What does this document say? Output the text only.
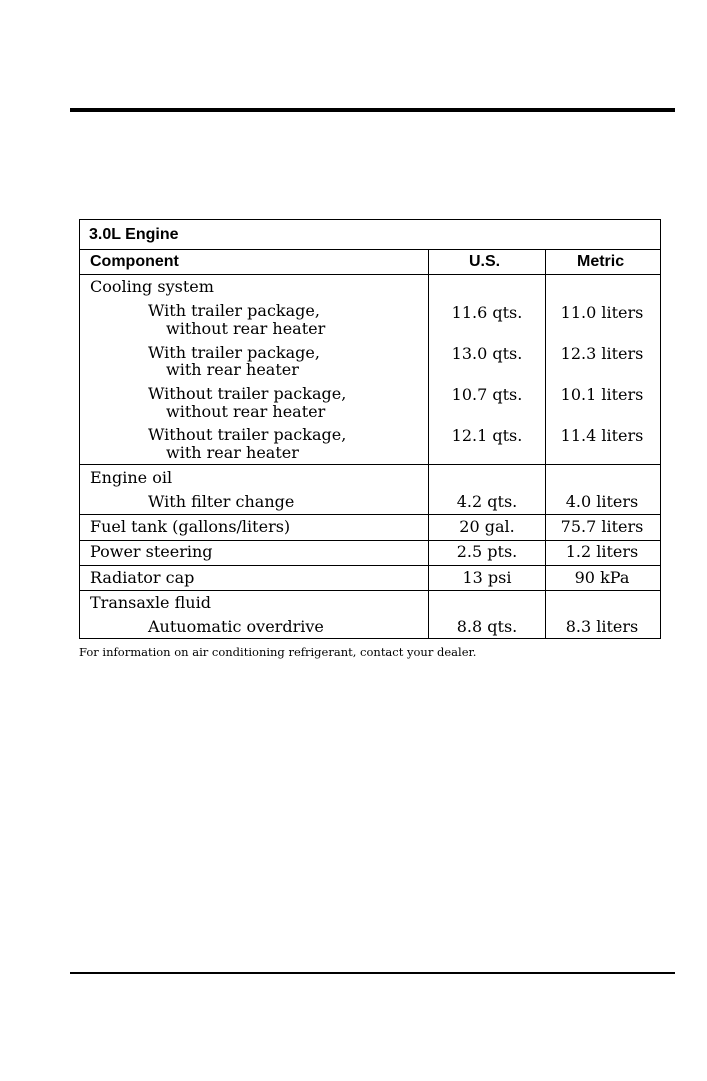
3.0L Engine
Component	U.S.	Metric
Cooling system
With trailer package,
without rear heater
11.6 qts.	11.0 liters
With trailer package,
with rear heater
13.0 qts.	12.3 liters
Without trailer package,
without rear heater
10.7 qts.	10.1 liters
Without trailer package,
with rear heater
12.1 qts.	11.4 liters
Engine oil
With filter change	4.2 qts.	4.0 liters
Fuel tank (gallons/liters)	20 gal.	75.7 liters
Power steering	2.5 pts.	1.2 liters
Radiator cap	13 psi	90 kPa
Transaxle fluid
Autuomatic overdrive	8.8 qts.	8.3 liters
For information on air conditioning refrigerant, contact your dealer.
